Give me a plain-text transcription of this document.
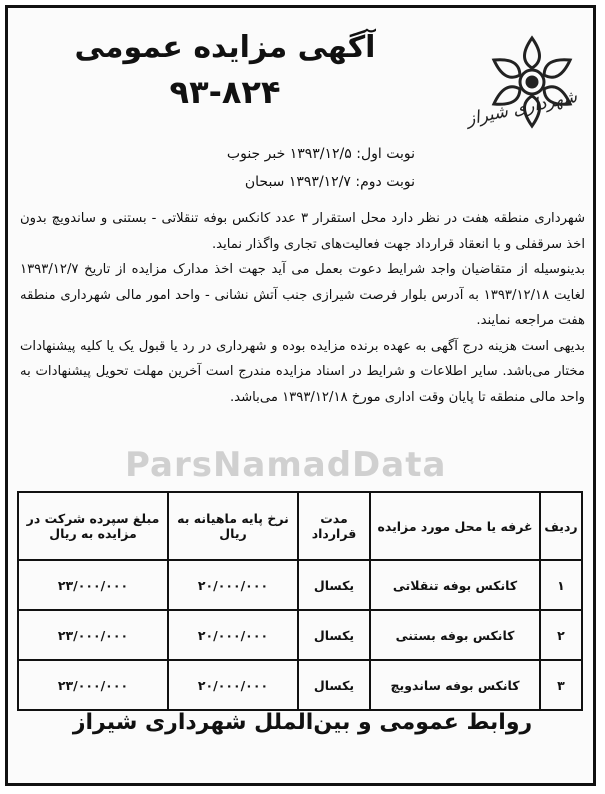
شهرداری شیراز
آگهی مزایده عمومی
۹۳-۸۲۴
نوبت اول: ۱۳۹۳/۱۲/۵ خبر جنوب
نوبت دوم: ۱۳۹۳/۱۲/۷ سبحان

شهرداری منطقه هفت در نظر دارد محل استقرار ۳ عدد کانکس بوفه تنقلاتی - بستنی و ساندویچ بدون اخذ سرقفلی و با انعقاد قرارداد جهت فعالیت‌های تجاری واگذار نماید.

بدینوسیله از متقاضیان واجد شرایط دعوت بعمل می آید جهت اخذ مدارک مزایده از تاریخ ۱۳۹۳/۱۲/۷ لغایت ۱۳۹۳/۱۲/۱۸ به آدرس بلوار فرصت شیرازی جنب آتش نشانی - واحد امور مالی شهرداری منطقه هفت مراجعه نمایند.

بدیهی است هزینه درج آگهی به عهده برنده مزایده بوده و شهرداری در رد یا قبول یک یا کلیه پیشنهادات مختار می‌باشد. سایر اطلاعات و شرایط در اسناد مزایده مندرج است آخرین مهلت تحویل پیشنهادات به واحد مالی منطقه تا پایان وقت اداری مورخ ۱۳۹۳/۱۲/۱۸ می‌باشد.

ParsNamadData
ردیف	غرفه یا محل مورد مزایده	مدت قرارداد	نرخ پایه ماهیانه به ریال	مبلغ سپرده شرکت در مزایده به ریال
۱	کانکس بوفه تنقلاتی	یکسال	۲۰/۰۰۰/۰۰۰	۲۳/۰۰۰/۰۰۰
۲	کانکس بوفه بستنی	یکسال	۲۰/۰۰۰/۰۰۰	۲۳/۰۰۰/۰۰۰
۳	کانکس بوفه ساندویچ	یکسال	۲۰/۰۰۰/۰۰۰	۲۳/۰۰۰/۰۰۰
روابط عمومی و بین‌الملل شهرداری شیراز
